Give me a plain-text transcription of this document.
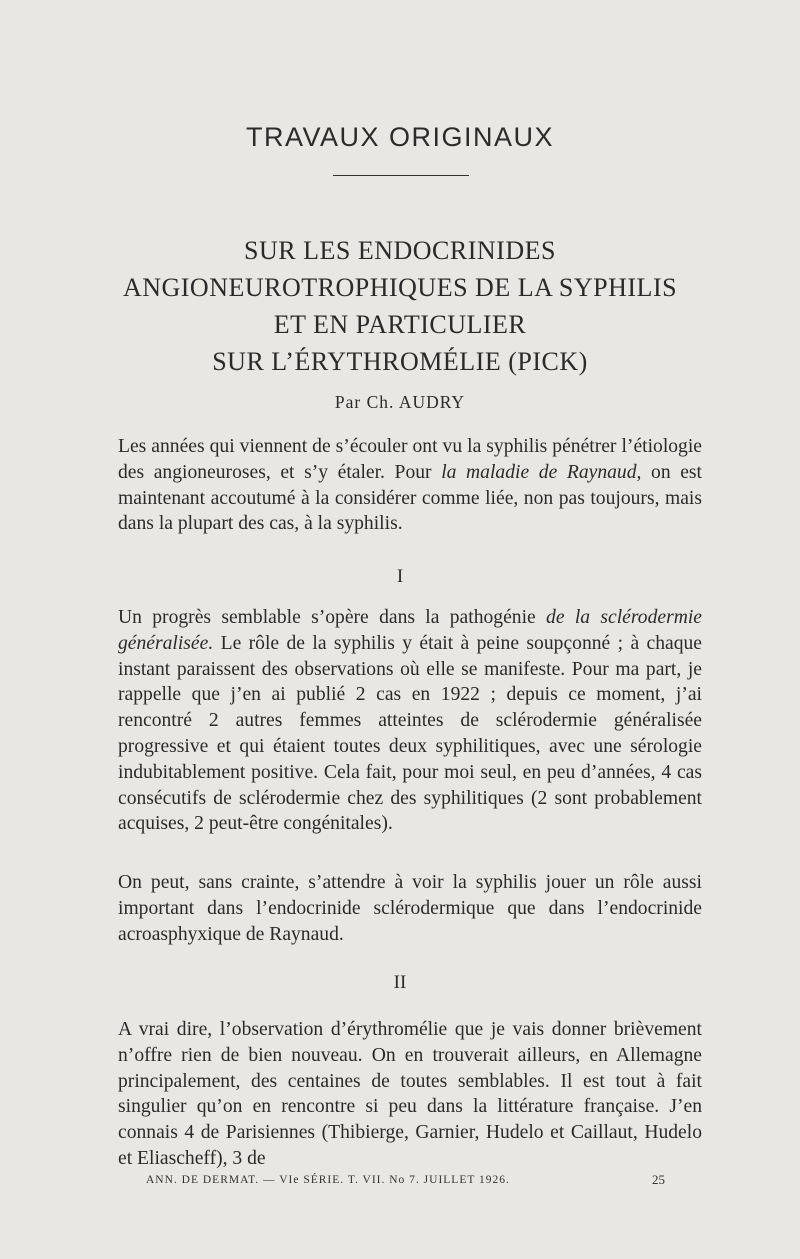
TRAVAUX ORIGINAUX
SUR LES ENDOCRINIDES
ANGIONEUROTROPHIQUES DE LA SYPHILIS
ET EN PARTICULIER
SUR L’ÉRYTHROMÉLIE (PICK)
Par Ch. AUDRY

Les années qui viennent de s’écouler ont vu la syphilis pénétrer l’étiologie des angioneuroses, et s’y étaler. Pour la maladie de Raynaud, on est maintenant accoutumé à la considérer comme liée, non pas toujours, mais dans la plupart des cas, à la syphilis.

I

Un progrès semblable s’opère dans la pathogénie de la sclérodermie généralisée. Le rôle de la syphilis y était à peine soupçonné ; à chaque instant paraissent des observations où elle se manifeste. Pour ma part, je rappelle que j’en ai publié 2 cas en 1922 ; depuis ce moment, j’ai rencontré 2 autres femmes atteintes de sclérodermie généralisée progressive et qui étaient toutes deux syphilitiques, avec une sérologie indubitablement positive. Cela fait, pour moi seul, en peu d’années, 4 cas consécutifs de sclérodermie chez des syphilitiques (2 sont probablement acquises, 2 peut-être congénitales).

On peut, sans crainte, s’attendre à voir la syphilis jouer un rôle aussi important dans l’endocrinide sclérodermique que dans l’endocrinide acroasphyxique de Raynaud.

II

A vrai dire, l’observation d’érythromélie que je vais donner brièvement n’offre rien de bien nouveau. On en trouverait ailleurs, en Allemagne principalement, des centaines de toutes semblables. Il est tout à fait singulier qu’on en rencontre si peu dans la littérature française. J’en connais 4 de Parisiennes (Thibierge, Garnier, Hudelo et Caillaut, Hudelo et Eliascheff), 3 de

ANN. DE DERMAT. — VIe SÉRIE. T. VII. No 7. JUILLET 1926.	25
